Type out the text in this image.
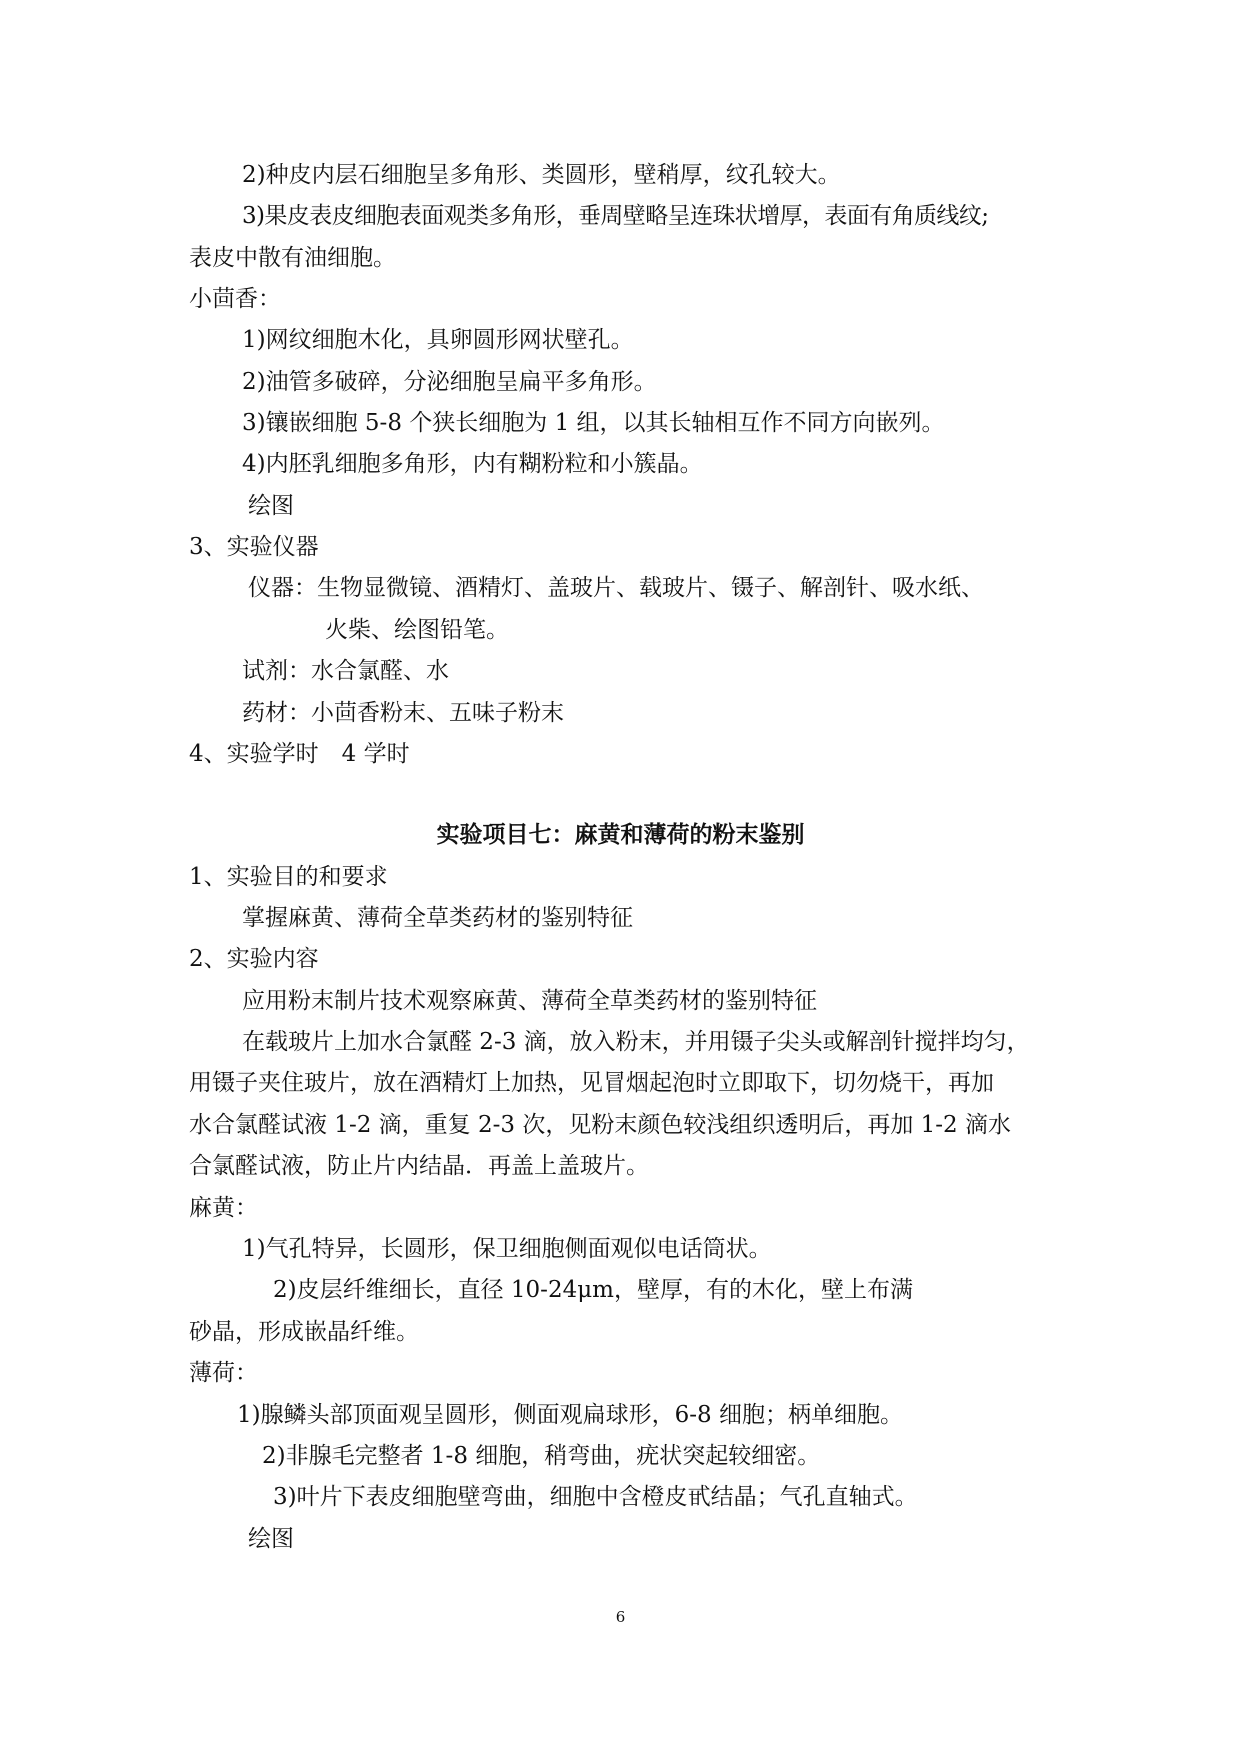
2)种皮内层石细胞呈多角形、类圆形，壁稍厚，纹孔较大。
3)果皮表皮细胞表面观类多角形，垂周壁略呈连珠状增厚，表面有角质线纹;
表皮中散有油细胞。
小茴香：
1)网纹细胞木化，具卵圆形网状壁孔。
2)油管多破碎，分泌细胞呈扁平多角形。
3)镶嵌细胞 5-8 个狭长细胞为 1 组，以其长轴相互作不同方向嵌列。
4)内胚乳细胞多角形，内有糊粉粒和小簇晶。
绘图
3、实验仪器
仪器：生物显微镜、酒精灯、盖玻片、载玻片、镊子、解剖针、吸水纸、
火柴、绘图铅笔。
试剂：水合氯醛、水
药材：小茴香粉末、五味子粉末
4、实验学时　4 学时
实验项目七：麻黄和薄荷的粉末鉴别
1、实验目的和要求
掌握麻黄、薄荷全草类药材的鉴别特征
2、实验内容
应用粉末制片技术观察麻黄、薄荷全草类药材的鉴别特征
在载玻片上加水合氯醛 2-3 滴，放入粉末，并用镊子尖头或解剖针搅拌均匀，
用镊子夹住玻片，放在酒精灯上加热，见冒烟起泡时立即取下，切勿烧干，再加
水合氯醛试液 1-2 滴，重复 2-3 次，见粉末颜色较浅组织透明后，再加 1-2 滴水
合氯醛试液，防止片内结晶．再盖上盖玻片。
麻黄：
1)气孔特异，长圆形，保卫细胞侧面观似电话筒状。
2)皮层纤维细长，直径 10-24μm，壁厚，有的木化，壁上布满
砂晶，形成嵌晶纤维。
薄荷：
1)腺鳞头部顶面观呈圆形，侧面观扁球形，6-8 细胞；柄单细胞。
2)非腺毛完整者 1-8 细胞，稍弯曲，疣状突起较细密。
3)叶片下表皮细胞壁弯曲，细胞中含橙皮甙结晶；气孔直轴式。
绘图
6
